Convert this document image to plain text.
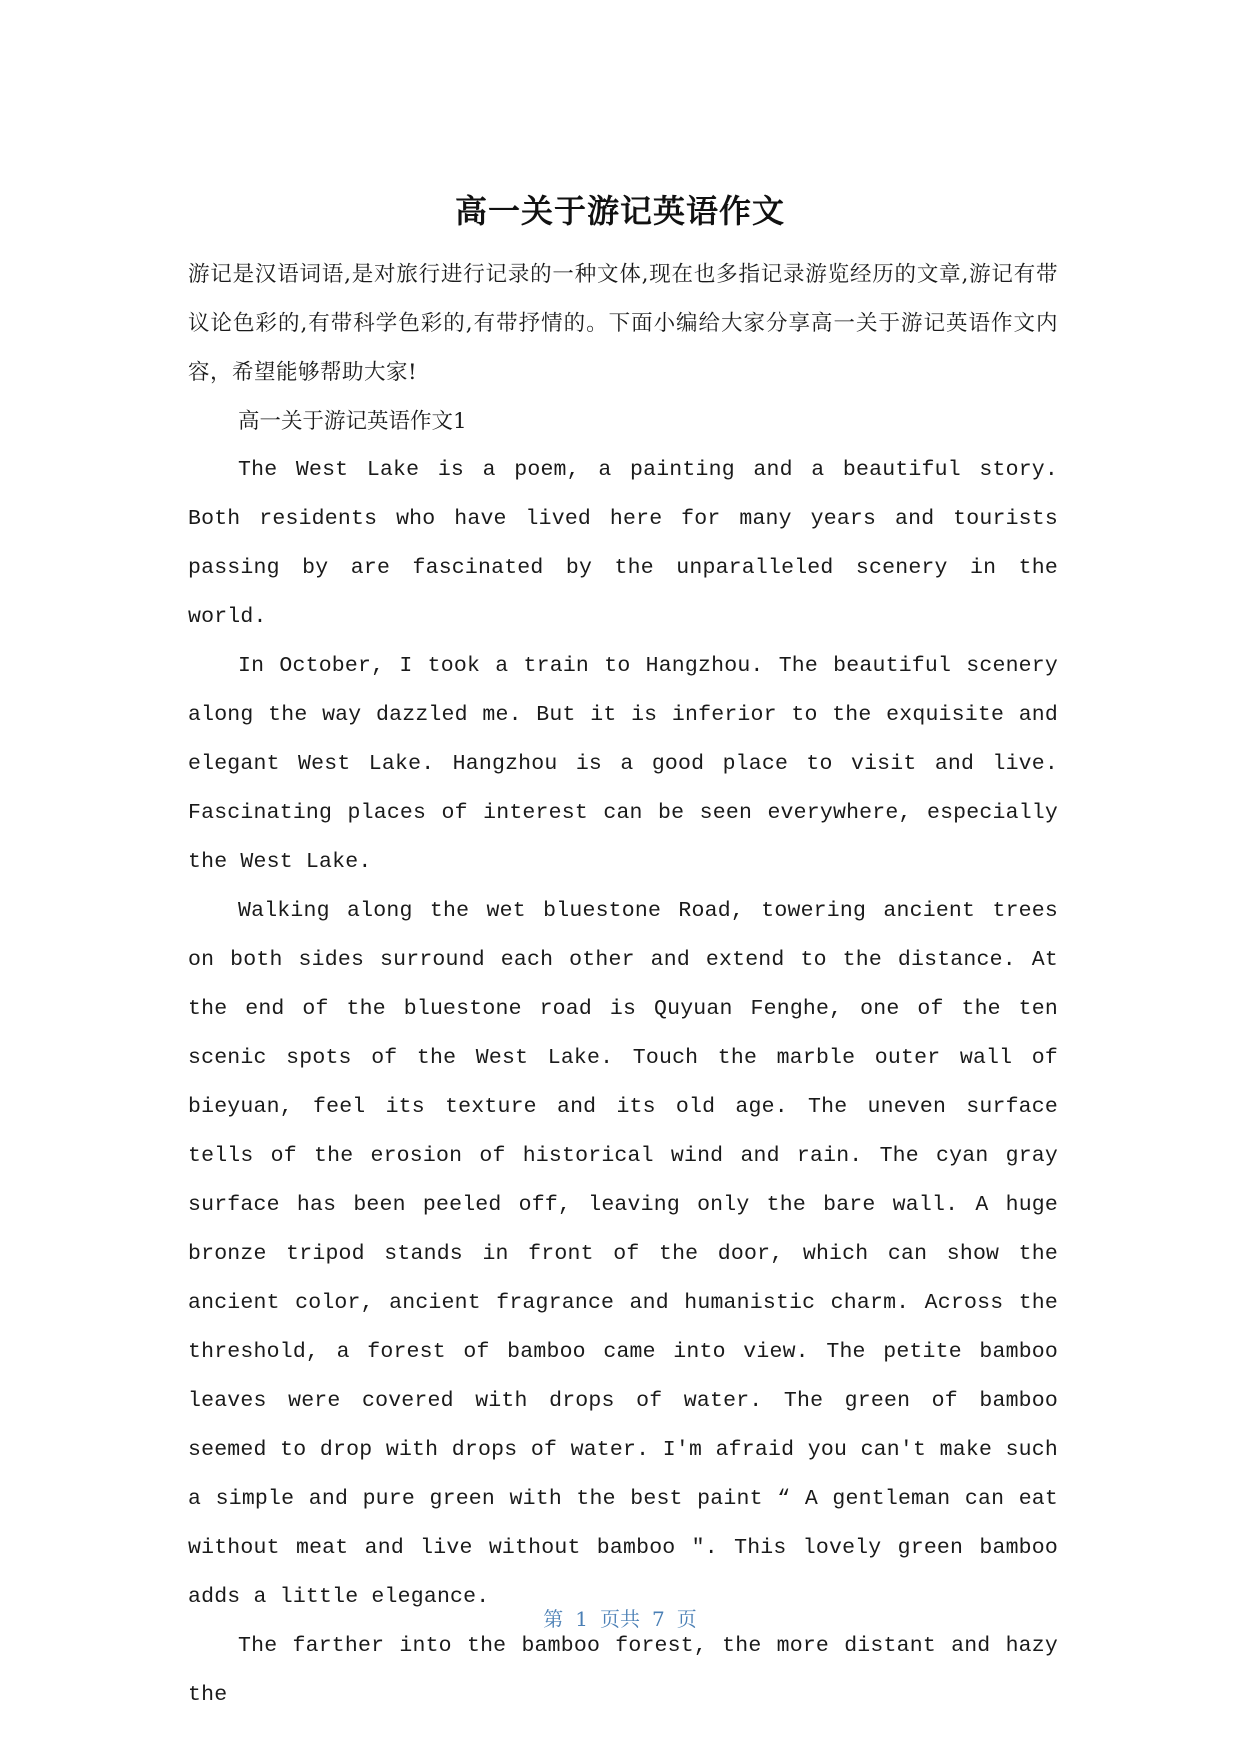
高一关于游记英语作文

游记是汉语词语,是对旅行进行记录的一种文体,现在也多指记录游览经历的文章,游记有带议论色彩的,有带科学色彩的,有带抒情的。下面小编给大家分享高一关于游记英语作文内容，希望能够帮助大家!

高一关于游记英语作文1

The West Lake is a poem, a painting and a beautiful story. Both residents who have lived here for many years and tourists passing by are fascinated by the unparalleled scenery in the world.

In October, I took a train to Hangzhou. The beautiful scenery along the way dazzled me. But it is inferior to the exquisite and elegant West Lake. Hangzhou is a good place to visit and live. Fascinating places of interest can be seen everywhere, especially the West Lake.

Walking along the wet bluestone Road, towering ancient trees on both sides surround each other and extend to the distance. At the end of the bluestone road is Quyuan Fenghe, one of the ten scenic spots of the West Lake. Touch the marble outer wall of bieyuan, feel its texture and its old age. The uneven surface tells of the erosion of historical wind and rain. The cyan gray surface has been peeled off, leaving only the bare wall. A huge bronze tripod stands in front of the door, which can show the ancient color, ancient fragrance and humanistic charm. Across the threshold, a forest of bamboo came into view. The petite bamboo leaves were covered with drops of water. The green of bamboo seemed to drop with drops of water. I'm afraid you can't make such a simple and pure green with the best paint “ A gentleman can eat without meat and live without bamboo ″. This lovely green bamboo adds a little elegance.

The farther into the bamboo forest, the more distant and hazy the

第 1 页共 7 页
